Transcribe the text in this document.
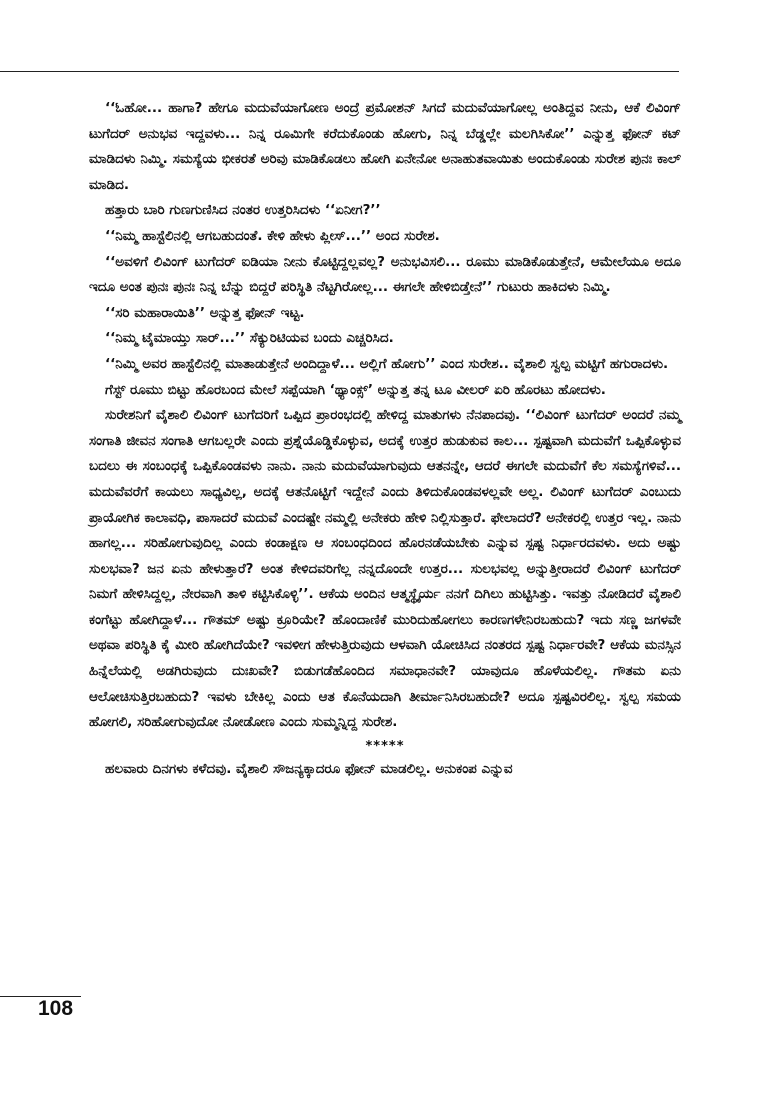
‘‘ಓಹೋ... ಹಾಗಾ? ಹೇಗೂ ಮದುವೆಯಾಗೋಣ ಅಂದ್ರೆ ಪ್ರಮೋಶನ್ ಸಿಗದೆ ಮದುವೆಯಾಗೋಲ್ಲ ಅಂತಿದ್ದವ ನೀನು, ಆಕೆ ಲಿವಿಂಗ್ ಟುಗೆದರ್ ಅನುಭವ ಇದ್ದವಳು... ನಿನ್ನ ರೂಮಿಗೇ ಕರೆದುಕೊಂಡು ಹೋಗು, ನಿನ್ನ ಬೆಡ್ಡಲ್ಲೇ ಮಲಗಿಸಿಕೋ’’ ಎನ್ನುತ್ತ ಫೋನ್ ಕಟ್ ಮಾಡಿದಳು ನಿಮ್ಮಿ. ಸಮಸ್ಯೆಯ ಭೀಕರತೆ ಅರಿವು ಮಾಡಿಕೊಡಲು ಹೋಗಿ ಏನೇನೋ ಅನಾಹುತವಾಯಿತು ಅಂದುಕೊಂಡು ಸುರೇಶ ಪುನಃ ಕಾಲ್ ಮಾಡಿದ.

ಹತ್ತಾರು ಬಾರಿ ಗುಣಗುಣಿಸಿದ ನಂತರ ಉತ್ತರಿಸಿದಳು ‘‘ಏನೀಗ?’’

‘‘ನಿಮ್ಮ ಹಾಸ್ಟೆಲಿನಲ್ಲಿ ಆಗಬಹುದಂತೆ. ಕೇಳಿ ಹೇಳು ಪ್ಲೀಸ್...’’ ಅಂದ ಸುರೇಶ.

‘‘ಅವಳಿಗೆ ಲಿವಿಂಗ್ ಟುಗೆದರ್ ಐಡಿಯಾ ನೀನು ಕೊಟ್ಟಿದ್ದಲ್ಲವಲ್ಲ? ಅನುಭವಿಸಲಿ... ರೂಮು ಮಾಡಿಕೊಡುತ್ತೇನೆ, ಆಮೇಲೆಯೂ ಅದೂ ಇದೂ ಅಂತ ಪುನಃ ಪುನಃ ನಿನ್ನ ಬೆನ್ನು ಬಿದ್ದರೆ ಪರಿಸ್ಥಿತಿ ನೆಟ್ಟಗಿರೋಲ್ಲ... ಈಗಲೇ ಹೇಳಿಬಿಡ್ತೇನೆ’’ ಗುಟುರು ಹಾಕಿದಳು ನಿಮ್ಮಿ.

‘‘ಸರಿ ಮಹಾರಾಯಿತಿ’’ ಅನ್ನುತ್ತ ಫೋನ್ ಇಟ್ಟ.

‘‘ನಿಮ್ಮ ಟೈಮಾಯ್ತು ಸಾರ್...’’ ಸೆಕ್ಯುರಿಟಿಯವ ಬಂದು ಎಚ್ಚರಿಸಿದ.

‘‘ನಿಮ್ಮಿ ಅವರ ಹಾಸ್ಟೆಲಿನಲ್ಲಿ ಮಾತಾಡುತ್ತೇನೆ ಅಂದಿದ್ದಾಳೆ... ಅಲ್ಲಿಗೆ ಹೋಗು’’ ಎಂದ ಸುರೇಶ.. ವೈಶಾಲಿ ಸ್ವಲ್ಪ ಮಟ್ಟಿಗೆ ಹಗುರಾದಳು.

ಗೆಸ್ಟ್ ರೂಮು ಬಿಟ್ಟು ಹೊರಬಂದ ಮೇಲೆ ಸಪ್ಪೆಯಾಗಿ ‘ಥ್ಯಾಂಕ್ಸ್’ ಅನ್ನುತ್ತ ತನ್ನ ಟೂ ವೀಲರ್ ಏರಿ ಹೊರಟು ಹೋದಳು.

ಸುರೇಶನಿಗೆ ವೈಶಾಲಿ ಲಿವಿಂಗ್ ಟುಗೆದರಿಗೆ ಒಪ್ಪಿದ ಪ್ರಾರಂಭದಲ್ಲಿ ಹೇಳಿದ್ದ ಮಾತುಗಳು ನೆನಪಾದವು. ‘‘ಲಿವಿಂಗ್ ಟುಗೆದರ್ ಅಂದರೆ ನಮ್ಮ ಸಂಗಾತಿ ಜೀವನ ಸಂಗಾತಿ ಆಗಬಲ್ಲರೇ ಎಂದು ಪ್ರಶ್ನೆಯೊಡ್ಡಿಕೊಳ್ಳುವ, ಅದಕ್ಕೆ ಉತ್ತರ ಹುಡುಕುವ ಕಾಲ... ಸ್ಪಷ್ಟವಾಗಿ ಮದುವೆಗೆ ಒಪ್ಪಿಕೊಳ್ಳುವ ಬದಲು ಈ ಸಂಬಂಧಕ್ಕೆ ಒಪ್ಪಿಕೊಂಡವಳು ನಾನು. ನಾನು ಮದುವೆಯಾಗುವುದು ಆತನನ್ನೇ, ಆದರೆ ಈಗಲೇ ಮದುವೆಗೆ ಕೆಲ ಸಮಸ್ಯೆಗಳಿವೆ... ಮದುವೆವರೆಗೆ ಕಾಯಲು ಸಾಧ್ಯವಿಲ್ಲ, ಅದಕ್ಕೆ ಆತನೊಟ್ಟಿಗೆ ಇದ್ದೇನೆ ಎಂದು ತಿಳಿದುಕೊಂಡವಳಲ್ಲವೇ ಅಲ್ಲ. ಲಿವಿಂಗ್ ಟುಗೆದರ್ ಎಂಬುದು ಪ್ರಾಯೋಗಿಕ ಕಾಲಾವಧಿ, ಪಾಸಾದರೆ ಮದುವೆ ಎಂದಷ್ಟೇ ನಮ್ಮಲ್ಲಿ ಅನೇಕರು ಹೇಳಿ ನಿಲ್ಲಿಸುತ್ತಾರೆ. ಫೇಲಾದರೆ? ಅನೇಕರಲ್ಲಿ ಉತ್ತರ ಇಲ್ಲ. ನಾನು ಹಾಗಲ್ಲ... ಸರಿಹೋಗುವುದಿಲ್ಲ ಎಂದು ಕಂಡಾಕ್ಷಣ ಆ ಸಂಬಂಧದಿಂದ ಹೊರನಡೆಯಬೇಕು ಎನ್ನುವ ಸ್ಪಷ್ಟ ನಿರ್ಧಾರದವಳು. ಅದು ಅಷ್ಟು ಸುಲಭವಾ? ಜನ ಏನು ಹೇಳುತ್ತಾರೆ? ಅಂತ ಕೇಳಿದವರಿಗೆಲ್ಲ ನನ್ನದೊಂದೇ ಉತ್ತರ... ಸುಲಭವಲ್ಲ ಅನ್ನುತ್ತೀರಾದರೆ ಲಿವಿಂಗ್ ಟುಗೆದರ್ ನಿಮಗೆ ಹೇಳಿಸಿದ್ದಲ್ಲ, ನೇರವಾಗಿ ತಾಳಿ ಕಟ್ಟಿಸಿಕೊಳ್ಳಿ’’. ಆಕೆಯ ಅಂದಿನ ಆತ್ಮಸ್ಥೈರ್ಯ ನನಗೆ ದಿಗಿಲು ಹುಟ್ಟಿಸಿತ್ತು. ಇವತ್ತು ನೋಡಿದರೆ ವೈಶಾಲಿ ಕಂಗೆಟ್ಟು ಹೋಗಿದ್ದಾಳೆ... ಗೌತಮ್ ಅಷ್ಟು ಕ್ರೂರಿಯೇ? ಹೊಂದಾಣಿಕೆ ಮುರಿದುಹೋಗಲು ಕಾರಣಗಳೇನಿರಬಹುದು? ಇದು ಸಣ್ಣ ಜಗಳವೇ ಅಥವಾ ಪರಿಸ್ಥಿತಿ ಕೈ ಮೀರಿ ಹೋಗಿದೆಯೇ? ಇವಳೀಗ ಹೇಳುತ್ತಿರುವುದು ಆಳವಾಗಿ ಯೋಚಿಸಿದ ನಂತರದ ಸ್ಪಷ್ಟ ನಿರ್ಧಾರವೇ? ಆಕೆಯ ಮನಸ್ಸಿನ ಹಿನ್ನೆಲೆಯಲ್ಲಿ ಅಡಗಿರುವುದು ದುಃಖವೇ? ಬಿಡುಗಡೆಹೊಂದಿದ ಸಮಾಧಾನವೇ? ಯಾವುದೂ ಹೊಳೆಯಲಿಲ್ಲ. ಗೌತಮ ಏನು ಆಲೋಚಿಸುತ್ತಿರಬಹುದು? ಇವಳು ಬೇಕಿಲ್ಲ ಎಂದು ಆತ ಕೊನೆಯದಾಗಿ ತೀರ್ಮಾನಿಸಿರಬಹುದೇ? ಅದೂ ಸ್ಪಷ್ಟವಿರಲಿಲ್ಲ. ಸ್ವಲ್ಪ ಸಮಯ ಹೋಗಲಿ, ಸರಿಹೋಗುವುದೋ ನೋಡೋಣ ಎಂದು ಸುಮ್ಮನ್ನಿದ್ದ ಸುರೇಶ.

*****

ಹಲವಾರು ದಿನಗಳು ಕಳೆದವು. ವೈಶಾಲಿ ಸೌಜನ್ಯಕ್ಕಾದರೂ ಫೋನ್ ಮಾಡಲಿಲ್ಲ. ಅನುಕಂಪ ಎನ್ನುವ

108
